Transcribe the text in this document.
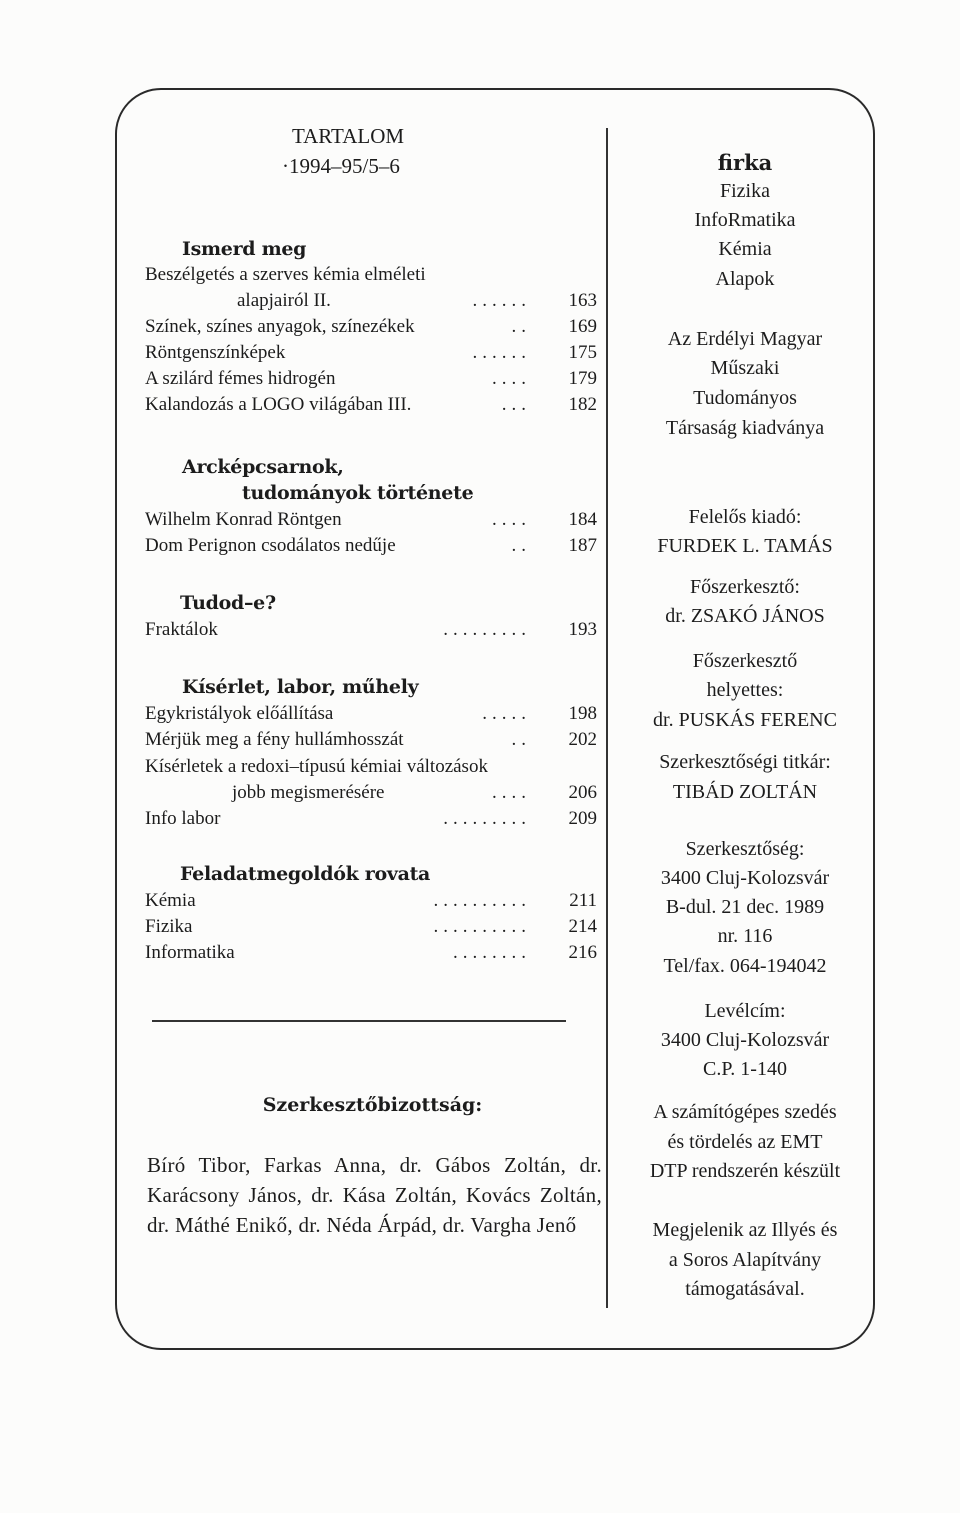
TARTALOM
·1994–95/5–6
Ismerd meg
Beszélgetés a szerves kémia elméleti
alapjairól II.	......	163
Színek, színes anyagok, színezékek	..	169
Röntgenszínképek	......	175
A szilárd fémes hidrogén	....	179
Kalandozás a LOGO világában III.	...	182
Arcképcsarnok,
tudományok története
Wilhelm Konrad Röntgen	....	184
Dom Perignon csodálatos nedűje	..	187
Tudod–e?
Fraktálok	.........	193
Kísérlet, labor, műhely
Egykristályok előállítása	.....	198
Mérjük meg a fény hullámhosszát	..	202
Kísérletek a redoxi–típusú kémiai változások
jobb megismerésére	....	206
Info labor	.........	209
Feladatmegoldók rovata
Kémia	..........	211
Fizika	..........	214
Informatika	........	216
Szerkesztőbizottság:
Bíró Tibor, Farkas Anna, dr. Gábos Zoltán, dr. Karácsony János, dr. Kása Zoltán, Kovács Zoltán, dr. Máthé Enikő, dr. Néda Árpád, dr. Vargha Jenő
firka
Fizika
InfoRmatika
Kémia
Alapok
Az Erdélyi Magyar
Műszaki
Tudományos
Társaság kiadványa
Felelős kiadó:
FURDEK L. TAMÁS
Főszerkesztő:
dr. ZSAKÓ JÁNOS
Főszerkesztő
helyettes:
dr. PUSKÁS FERENC
Szerkesztőségi titkár:
TIBÁD ZOLTÁN
Szerkesztőség:
3400 Cluj-Kolozsvár
B-dul. 21 dec. 1989
nr. 116
Tel/fax. 064-194042
Levélcím:
3400 Cluj-Kolozsvár
C.P. 1-140
A számítógépes szedés
és tördelés az EMT
DTP rendszerén készült
Megjelenik az Illyés és
a Soros Alapítvány
támogatásával.
